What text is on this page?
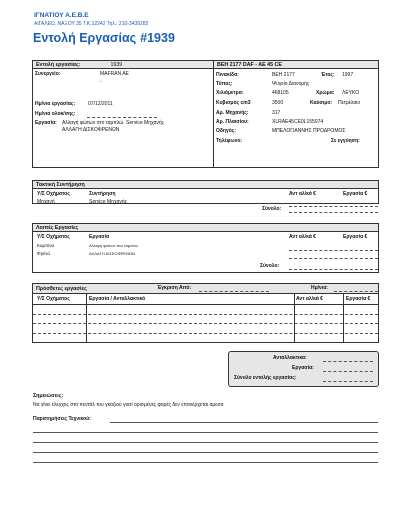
ΙΓΝΑΤΙΟΥ Α.Ε.Β.Ε
ΑΙΓΑΛΕΩ, ΝΑΞΟΥ 35 Τ.Κ.12242 Τηλ.: 210-3439282
Εντολή Εργασίας #1939
Εντολή εργασίας:	1939
Συνεργείο:	MAFRAN AE
-
Ημ/νια εργασίας:	07/12/2011
Ημ/νια ολοκ/σης:
Εργασία: Αλλαγή φώτων στο ταμπλώ. Service Μηχανής
ΑΛΛΑΓΗ ΔΙΣΚΟΦΡΕΝΩΝ
ΒΕΗ 2177 DAF - AE 45 CE
Πινακίδα:	ΒΕΗ 2177	Έτος: 1997
Τύπος:	Ψυγείο Διανομής
Χιλιόμετρα:	468105	Χρώμα: ΛΕΥΚΟ
Κυβισμός cm3	3500	Καύσιμο: Πετρέλαιο
Αρ. Μηχανής:	317
Αρ. Πλαισίου:	XLRAE45CE0L155074
Οδηγός:	ΜΠΕΛΟΓΙΑΝΝΗΣ ΠΡΟΔΡΟΜΟΣ
Τηλέφωνο:	Σε εγγύηση:
Τακτική Συντήρηση
Υ/Σ Οχήματος	Συντήρηση	Αντ αλ/κά €	Εργασία €
Μηχανή	Service Μηχανής
Σύνολο:
Λοιπές Εργασίες
Υ/Σ Οχήματος	Εργασία	Αντ αλ/κά €	Εργασία €
Καμπίνα	Αλλαγή φώτων στο ταμπλώ
Φρένα	ΑΛΛΑΓΗ ΔΙΣΚΟΦΡΕΝΩΝ
Σύνολο:
Πρόσθετες εργασίες	Έγκριση Από:	Ημ/νια:
Υ/Σ Οχήματος	Εργασία / Ανταλλακτικό	Αντ αλ/κά €	Εργασία €
Ανταλλακτικα:
Εργασία:
Σύνολο εντολής εργασίας:
Σημειώσεις:
Να γίνει έλεγχος στο πεντάλ του γκαζιού γιατί ορισμένες φορές δεν επανέρχεται άμεσα
Παρατηρήσεις Τεχνικού:
